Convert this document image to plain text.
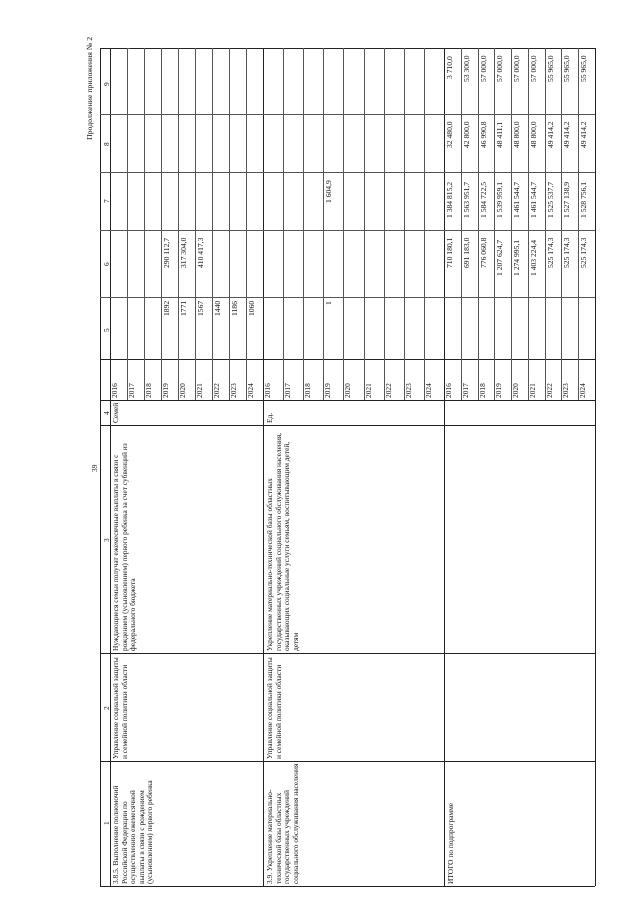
39
Продолжение приложения № 2
1
2
3
4
5
6
7
8
9
3.8.5. Выполнение полномочий Российской Федерации по осуществлению ежемесячной выплаты в связи с рождением (усыновлением) первого ребенка
Управление социальной защиты и семейной политики области
Нуждающиеся семьи получат ежемесячные выплаты в связи с рождением (усыновлением) первого ребенка за счет субвенций из федерального бюджета
Семей
3.9. Укрепление материально-технической базы областных государственных учреждений социального обслуживания населения
Управление социальной защиты и семейной политики области
Укрепление материально-технической базы областных государственных учреждений социального обслуживания населения, оказывающих социальные услуги семьям, воспитывающим детей, детям
Ед.
ИТОГО по подпрограмме
2016 2017 2018 2019
1892
290 112,7
2020
1771
317 304,0
2021
1567
410 417,3
2022
1440
2023
1186
2024
1060
2016 2017 2018 2019
1
1 604,9
2020 2021 2022 2023 2024 2016
710 180,1
1 384 815,2
32 480,0
3 710,0
2017
691 183,0
1 563 951,7
42 800,0
53 300,0
2018
776 060,8
1 584 722,5
46 990,8
57 000,0
2019
1 207 624,7
1 539 959,1
48 411,1
57 000,0
2020
1 274 995,1
1 461 544,7
48 800,0
57 000,0
2021
1 403 224,4
1 461 544,7
48 800,0
57 000,0
2022
525 174,3
1 525 537,7
49 414,2
55 965,0
2023
525 174,3
1 527 138,9
49 414,2
55 965,0
2024
525 174,3
1 528 756,1
49 414,2
55 965,0
